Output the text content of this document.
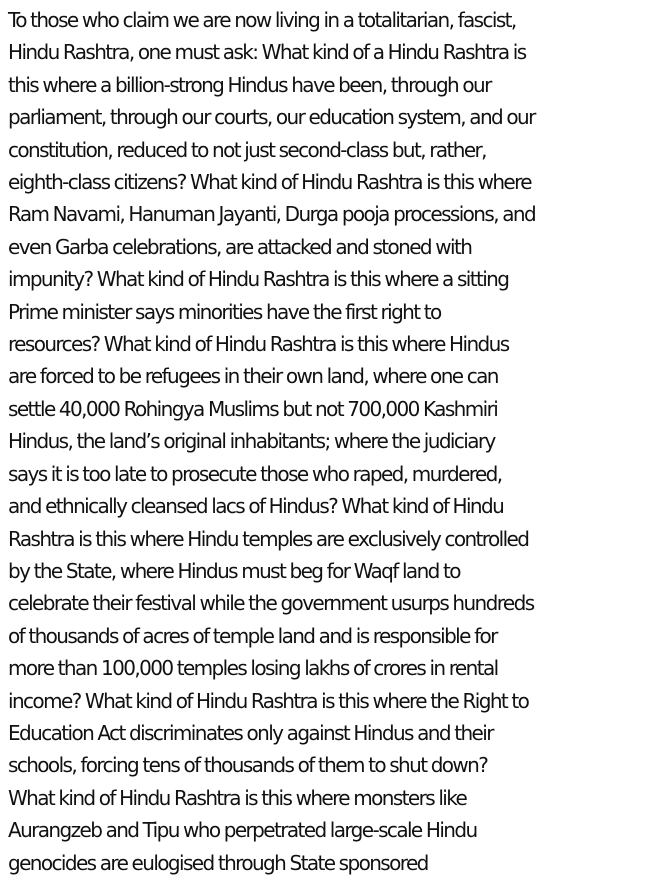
To those who claim we are now living in a totalitarian, fascist,
Hindu Rashtra, one must ask: What kind of a Hindu Rashtra is
this where a billion-strong Hindus have been, through our
parliament, through our courts, our education system, and our
constitution, reduced to not just second-class but, rather,
eighth-class citizens? What kind of Hindu Rashtra is this where
Ram Navami, Hanuman Jayanti, Durga pooja processions, and
even Garba celebrations, are attacked and stoned with
impunity? What kind of Hindu Rashtra is this where a sitting
Prime minister says minorities have the first right to
resources? What kind of Hindu Rashtra is this where Hindus
are forced to be refugees in their own land, where one can
settle 40,000 Rohingya Muslims but not 700,000 Kashmiri
Hindus, the land’s original inhabitants; where the judiciary
says it is too late to prosecute those who raped, murdered,
and ethnically cleansed lacs of Hindus? What kind of Hindu
Rashtra is this where Hindu temples are exclusively controlled
by the State, where Hindus must beg for Waqf land to
celebrate their festival while the government usurps hundreds
of thousands of acres of temple land and is responsible for
more than 100,000 temples losing lakhs of crores in rental
income? What kind of Hindu Rashtra is this where the Right to
Education Act discriminates only against Hindus and their
schools, forcing tens of thousands of them to shut down?
What kind of Hindu Rashtra is this where monsters like
Aurangzeb and Tipu who perpetrated large-scale Hindu
genocides are eulogised through State sponsored
